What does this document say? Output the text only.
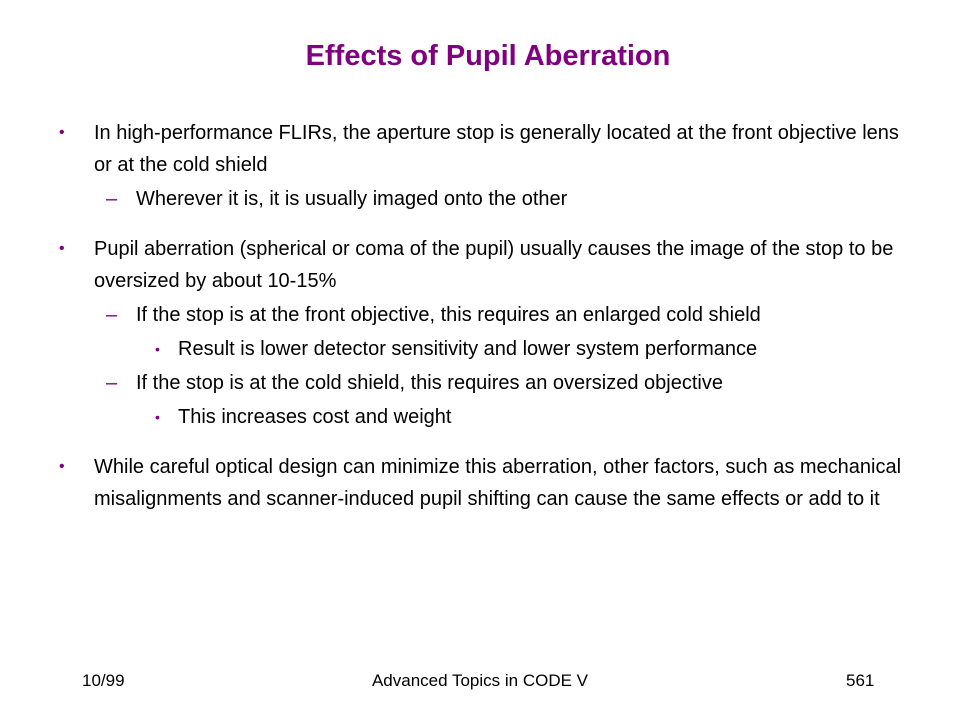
Effects of Pupil Aberration
• In high-performance FLIRs, the aperture stop is generally located at the front objective lens or at the cold shield
– Wherever it is, it is usually imaged onto the other
• Pupil aberration (spherical or coma of the pupil) usually causes the image of the stop to be oversized by about 10-15%
– If the stop is at the front objective, this requires an enlarged cold shield
• Result is lower detector sensitivity and lower system performance
– If the stop is at the cold shield, this requires an oversized objective
• This increases cost and weight
• While careful optical design can minimize this aberration, other factors, such as mechanical misalignments and scanner-induced pupil shifting can cause the same effects or add to it
10/99	Advanced Topics in CODE V	561
